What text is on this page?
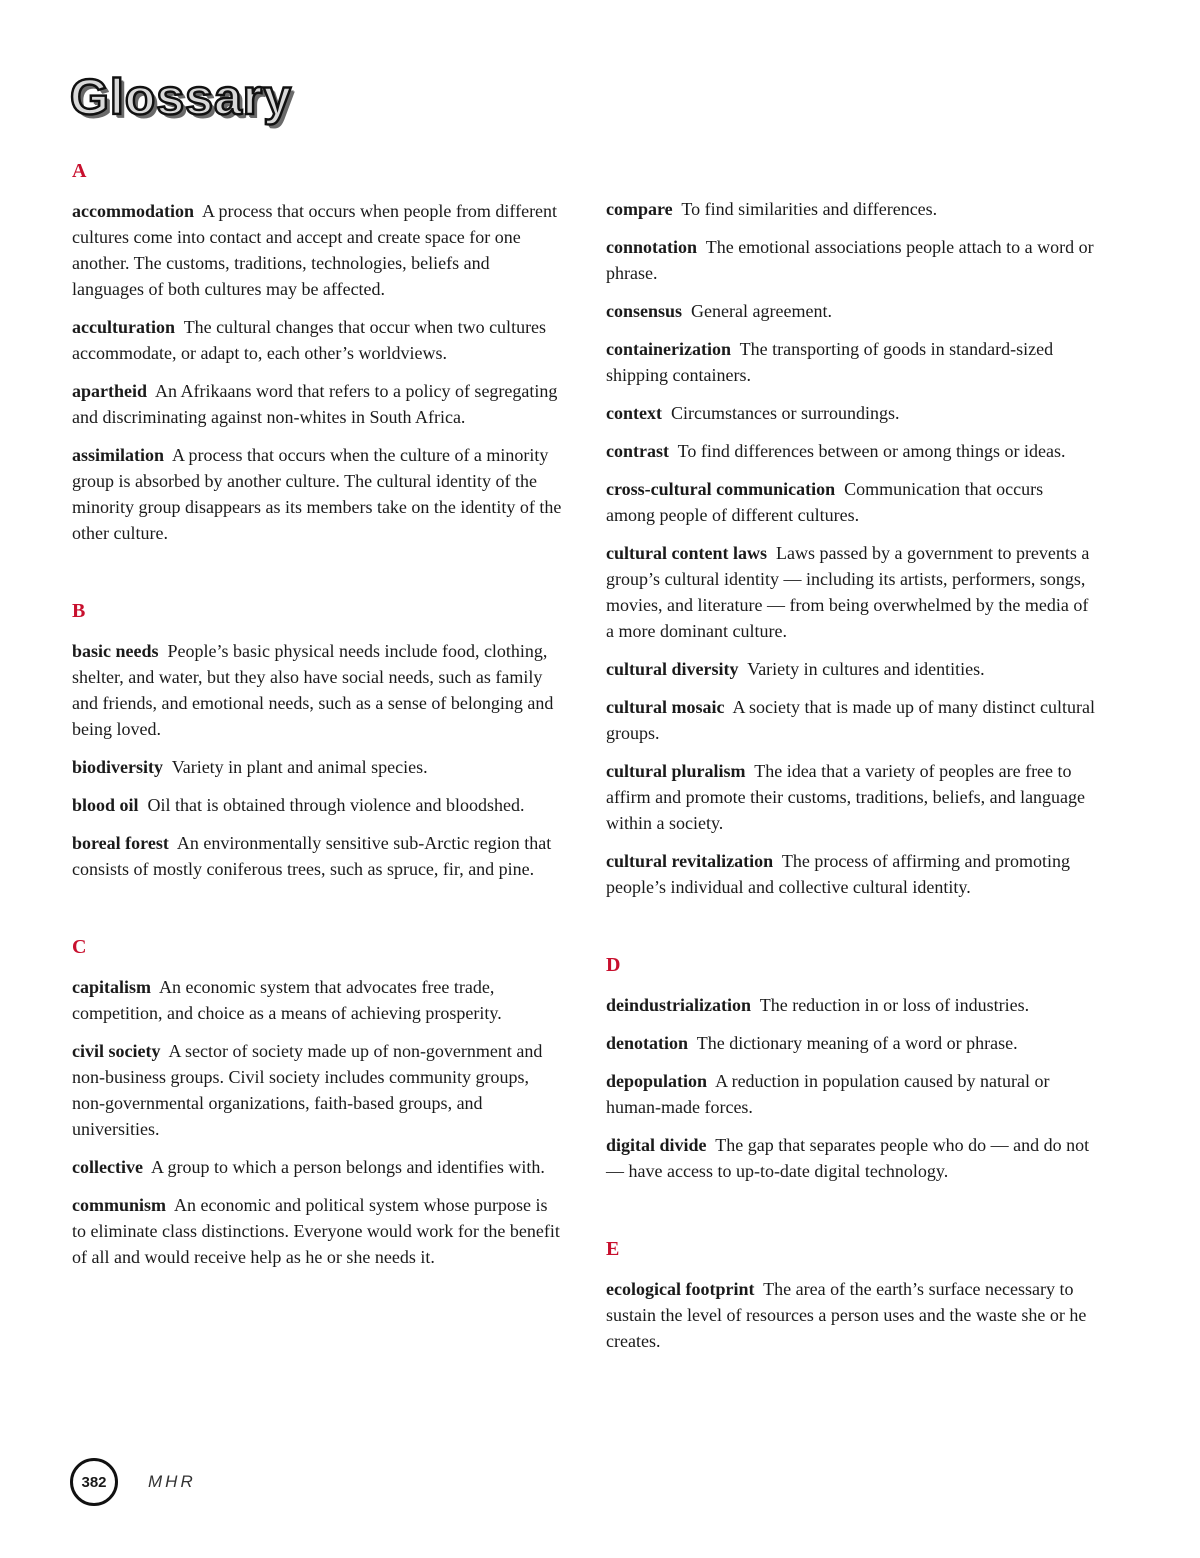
Glossary
A

accommodation A process that occurs when people from different cultures come into contact and accept and create space for one another. The customs, traditions, technologies, beliefs and languages of both cultures may be affected.

acculturation The cultural changes that occur when two cultures accommodate, or adapt to, each other’s worldviews.

apartheid An Afrikaans word that refers to a policy of segregating and discriminating against non-whites in South Africa.

assimilation A process that occurs when the culture of a minority group is absorbed by another culture. The cultural identity of the minority group disappears as its members take on the identity of the other culture.

B

basic needs People’s basic physical needs include food, clothing, shelter, and water, but they also have social needs, such as family and friends, and emotional needs, such as a sense of belonging and being loved.

biodiversity Variety in plant and animal species.

blood oil Oil that is obtained through violence and bloodshed.

boreal forest An environmentally sensitive sub-Arctic region that consists of mostly coniferous trees, such as spruce, fir, and pine.

C

capitalism An economic system that advocates free trade, competition, and choice as a means of achieving prosperity.

civil society A sector of society made up of non-government and non-business groups. Civil society includes community groups, non-governmental organizations, faith-based groups, and universities.

collective A group to which a person belongs and identifies with.

communism An economic and political system whose purpose is to eliminate class distinctions. Everyone would work for the benefit of all and would receive help as he or she needs it.

compare To find similarities and differences.

connotation The emotional associations people attach to a word or phrase.

consensus General agreement.

containerization The transporting of goods in standard-sized shipping containers.

context Circumstances or surroundings.

contrast To find differences between or among things or ideas.

cross-cultural communication Communication that occurs among people of different cultures.

cultural content laws Laws passed by a government to prevents a group’s cultural identity — including its artists, performers, songs, movies, and literature — from being overwhelmed by the media of a more dominant culture.

cultural diversity Variety in cultures and identities.

cultural mosaic A society that is made up of many distinct cultural groups.

cultural pluralism The idea that a variety of peoples are free to affirm and promote their customs, traditions, beliefs, and language within a society.

cultural revitalization The process of affirming and promoting people’s individual and collective cultural identity.

D

deindustrialization The reduction in or loss of industries.

denotation The dictionary meaning of a word or phrase.

depopulation A reduction in population caused by natural or human-made forces.

digital divide The gap that separates people who do — and do not — have access to up-to-date digital technology.

E

ecological footprint The area of the earth’s surface necessary to sustain the level of resources a person uses and the waste she or he creates.

382 MHR
